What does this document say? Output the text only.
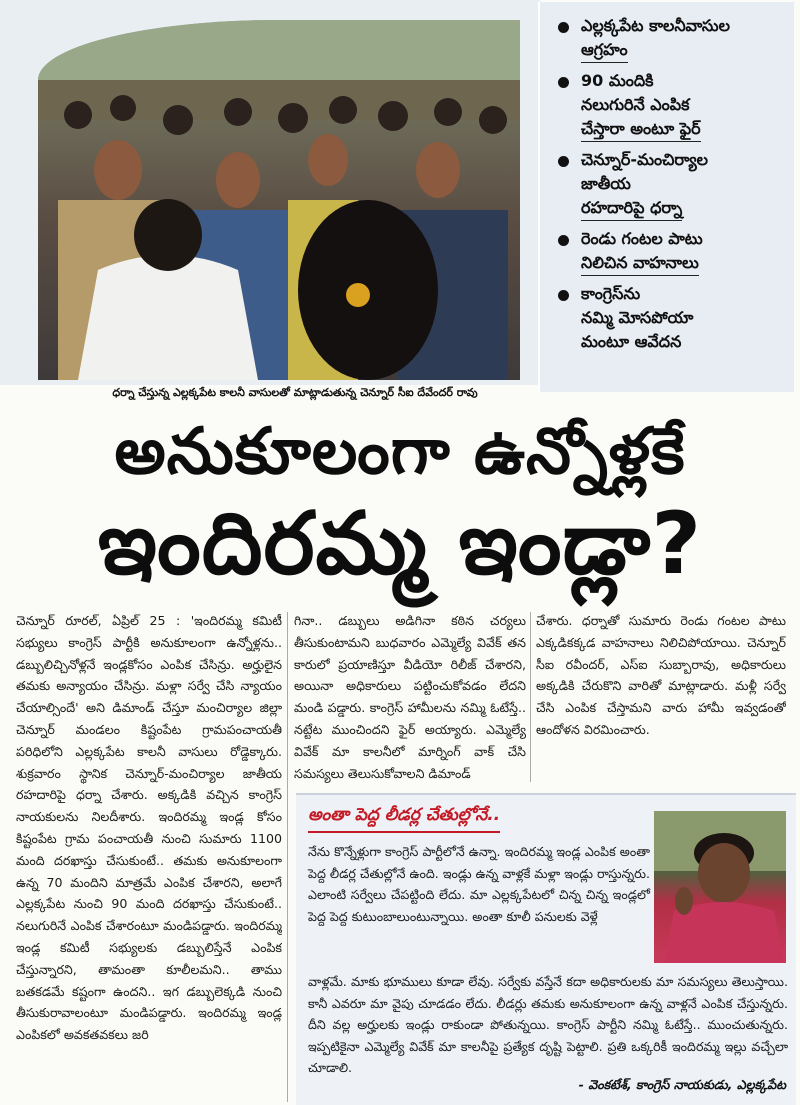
ధర్నా చేస్తున్న ఎల్లక్కపేట కాలనీ వాసులతో మాట్లాడుతున్న చెన్నూర్ సీఐ దేవేందర్ రావు
ఎల్లక్కపేట కాలనీవాసుల
ఆగ్రహం
90 మందికి
నలుగురినే ఎంపిక
చేస్తారా అంటూ ఫైర్
చెన్నూర్-మంచిర్యాల
జాతీయ
రహదారిపై ధర్నా
రెండు గంటల పాటు
నిలిచిన వాహనాలు
కాంగ్రెస్‌ను
నమ్మి మోసపోయా
మంటూ ఆవేదన
అనుకూలంగా ఉన్నోళ్లకే
ఇందిరమ్మ ఇండ్లా?

చెన్నూర్ రూరల్, ఏప్రిల్ 25 : 'ఇందిరమ్మ కమిటీ సభ్యులు కాంగ్రెస్ పార్టీకి అనుకూలంగా ఉన్నోళ్లను.. డబ్బులిచ్చినోళ్లనే ఇండ్లకోసం ఎంపిక చేసిన్రు. అర్హులైన తమకు అన్యాయం చేసిన్రు. మళ్లా సర్వే చేసి న్యాయం చేయాల్సిందే' అని డిమాండ్ చేస్తూ మంచిర్యాల జిల్లా చెన్నూర్ మండలం కిష్టంపేట గ్రామపంచాయతీ పరిధిలోని ఎల్లక్కపేట కాలనీ వాసులు రోడ్డెక్కారు. శుక్రవారం స్థానిక చెన్నూర్-మంచిర్యాల జాతీయ రహదారిపై ధర్నా చేశారు. అక్కడికి వచ్చిన కాంగ్రెస్ నాయకులను నిలదీశారు. ఇందిరమ్మ ఇండ్ల కోసం కిష్టంపేట గ్రామ పంచాయతీ నుంచి సుమారు 1100 మంది దరఖాస్తు చేసుకుంటే.. తమకు అనుకూలంగా ఉన్న 70 మందిని మాత్రమే ఎంపిక చేశారని, అలాగే ఎల్లక్కపేట నుంచి 90 మంది దరఖాస్తు చేసుకుంటే.. నలుగురినే ఎంపిక చేశారంటూ మండిపడ్డారు. ఇందిరమ్మ ఇండ్ల కమిటీ సభ్యులకు డబ్బులిస్తేనే ఎంపిక చేస్తున్నారని, తామంతా కూలీలమని.. తాము బతకడమే కష్టంగా ఉందని.. ఇగ డబ్బులెక్కడి నుంచి తీసుకురావాలంటూ మండిపడ్డారు. ఇందిరమ్మ ఇండ్ల ఎంపికలో అవకతవకలు జరి

గినా.. డబ్బులు అడిగినా కఠిన చర్యలు తీసుకుంటామని బుధవారం ఎమ్మెల్యే వివేక్ తన కారులో ప్రయాణిస్తూ వీడియో రిలీజ్ చేశారని, అయినా అధికారులు పట్టించుకోవడం లేదని మండి పడ్డారు. కాంగ్రెస్ హామీలను నమ్మి ఓటేస్తే.. నట్టేట ముంచిందని ఫైర్ అయ్యారు. ఎమ్మెల్యే వివేక్ మా కాలనీలో మార్నింగ్ వాక్ చేసి సమస్యలు తెలుసుకోవాలని డిమాండ్

చేశారు. ధర్నాతో సుమారు రెండు గంటల పాటు ఎక్కడికక్కడ వాహనాలు నిలిచిపోయాయి. చెన్నూర్ సీఐ రవీందర్, ఎస్ఐ సుబ్బారావు, అధికారులు అక్కడికి చేరుకొని వారితో మాట్లాడారు. మళ్లీ సర్వే చేసి ఎంపిక చేస్తామని వారు హామీ ఇవ్వడంతో ఆందోళన విరమించారు.

అంతా పెద్ద లీడర్ల చేతుల్లోనే..
నేను కొన్నేళ్లుగా కాంగ్రెస్ పార్టీలోనే ఉన్నా. ఇందిరమ్మ ఇండ్ల ఎంపిక అంతా పెద్ద లీడర్ల చేతుల్లోనే ఉంది. ఇండ్లు ఉన్న వాళ్లకే మళ్లా ఇండ్లు రాస్తున్నరు. ఎలాంటి సర్వేలు చేపట్టింది లేదు. మా ఎల్లక్కపేటలో చిన్న చిన్న ఇండ్లలో పెద్ద పెద్ద కుటుంబాలుంటున్నాయి. అంతా కూలీ పనులకు వెళ్లే
వాళ్లమే. మాకు భూములు కూడా లేవు. సర్వేకు వస్తేనే కదా అధికారులకు మా సమస్యలు తెలుస్తాయి. కానీ ఎవరూ మా వైపు చూడడం లేదు. లీడర్లు తమకు అనుకూలంగా ఉన్న వాళ్లనే ఎంపిక చేస్తున్నరు. దీని వల్ల అర్హులకు ఇండ్లు రాకుండా పోతున్నయి. కాంగ్రెస్ పార్టీని నమ్మి ఓటేస్తే.. ముంచుతున్నరు. ఇప్పటికైనా ఎమ్మెల్యే వివేక్ మా కాలనీపై ప్రత్యేక దృష్టి పెట్టాలి. ప్రతి ఒక్కరికీ ఇందిరమ్మ ఇల్లు వచ్చేలా చూడాలి.
- వెంకటేశ్, కాంగ్రెస్ నాయకుడు, ఎల్లక్కపేట
